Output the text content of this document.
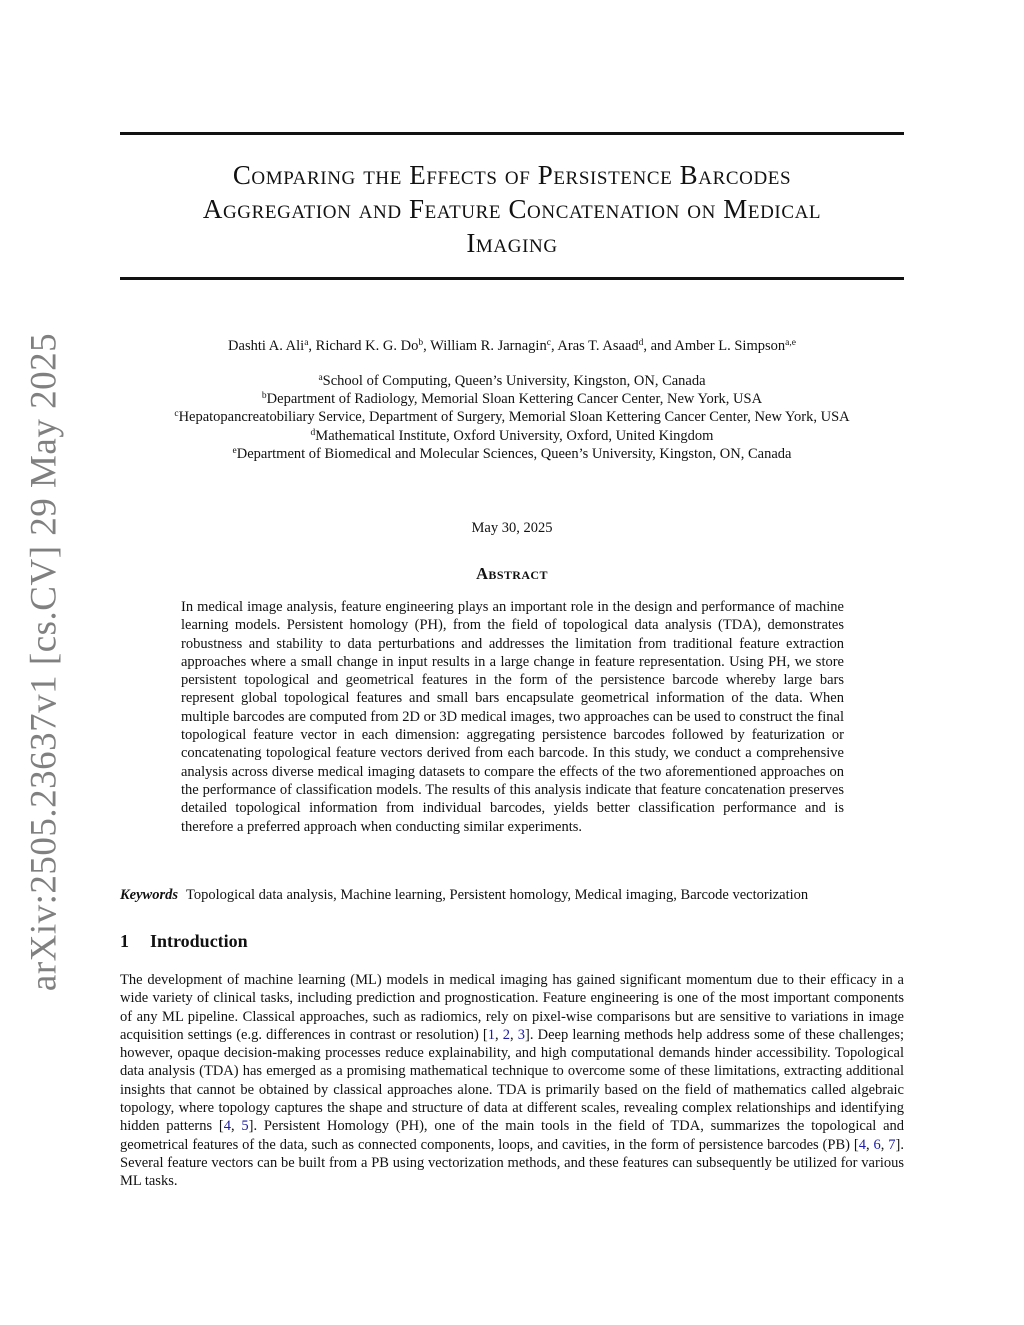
arXiv:2505.23637v1 [cs.CV] 29 May 2025
Comparing the Effects of Persistence Barcodes
Aggregation and Feature Concatenation on Medical
Imaging
Dashti A. Ali$^a$, Richard K. G. Do$^b$, William R. Jarnagin$^c$, Aras T. Asaad$^d$, and Amber L. Simpson$^{a,e}$
$^a$School of Computing, Queen’s University, Kingston, ON, Canada
$^b$Department of Radiology, Memorial Sloan Kettering Cancer Center, New York, USA
$^c$Hepatopancreatobiliary Service, Department of Surgery, Memorial Sloan Kettering Cancer Center, New York, USA
$^d$Mathematical Institute, Oxford University, Oxford, United Kingdom
$^e$Department of Biomedical and Molecular Sciences, Queen’s University, Kingston, ON, Canada
May 30, 2025
Abstract

In medical image analysis, feature engineering plays an important role in the design and performance of machine learning models. Persistent homology (PH), from the field of topological data analysis (TDA), demonstrates robustness and stability to data perturbations and addresses the limitation from traditional feature extraction approaches where a small change in input results in a large change in feature representation. Using PH, we store persistent topological and geometrical features in the form of the persistence barcode whereby large bars represent global topological features and small bars encapsulate geometrical information of the data. When multiple barcodes are computed from 2D or 3D medical images, two approaches can be used to construct the final topological feature vector in each dimension: aggregating persistence barcodes followed by featurization or concatenating topological feature vectors derived from each barcode. In this study, we conduct a comprehensive analysis across diverse medical imaging datasets to compare the effects of the two aforementioned approaches on the performance of classification models. The results of this analysis indicate that feature concatenation preserves detailed topological information from individual barcodes, yields better classification performance and is therefore a preferred approach when conducting similar experiments.

Keywords Topological data analysis, Machine learning, Persistent homology, Medical imaging, Barcode vectorization
1 Introduction

The development of machine learning (ML) models in medical imaging has gained significant momentum due to their efficacy in a wide variety of clinical tasks, including prediction and prognostication. Feature engineering is one of the most important components of any ML pipeline. Classical approaches, such as radiomics, rely on pixel-wise comparisons but are sensitive to variations in image acquisition settings (e.g. differences in contrast or resolution) [1, 2, 3]. Deep learning methods help address some of these challenges; however, opaque decision-making processes reduce explainability, and high computational demands hinder accessibility. Topological data analysis (TDA) has emerged as a promising mathematical technique to overcome some of these limitations, extracting additional insights that cannot be obtained by classical approaches alone. TDA is primarily based on the field of mathematics called algebraic topology, where topology captures the shape and structure of data at different scales, revealing complex relationships and identifying hidden patterns [4, 5]. Persistent Homology (PH), one of the main tools in the field of TDA, summarizes the topological and geometrical features of the data, such as connected components, loops, and cavities, in the form of persistence barcodes (PB) [4, 6, 7]. Several feature vectors can be built from a PB using vectorization methods, and these features can subsequently be utilized for various ML tasks.
